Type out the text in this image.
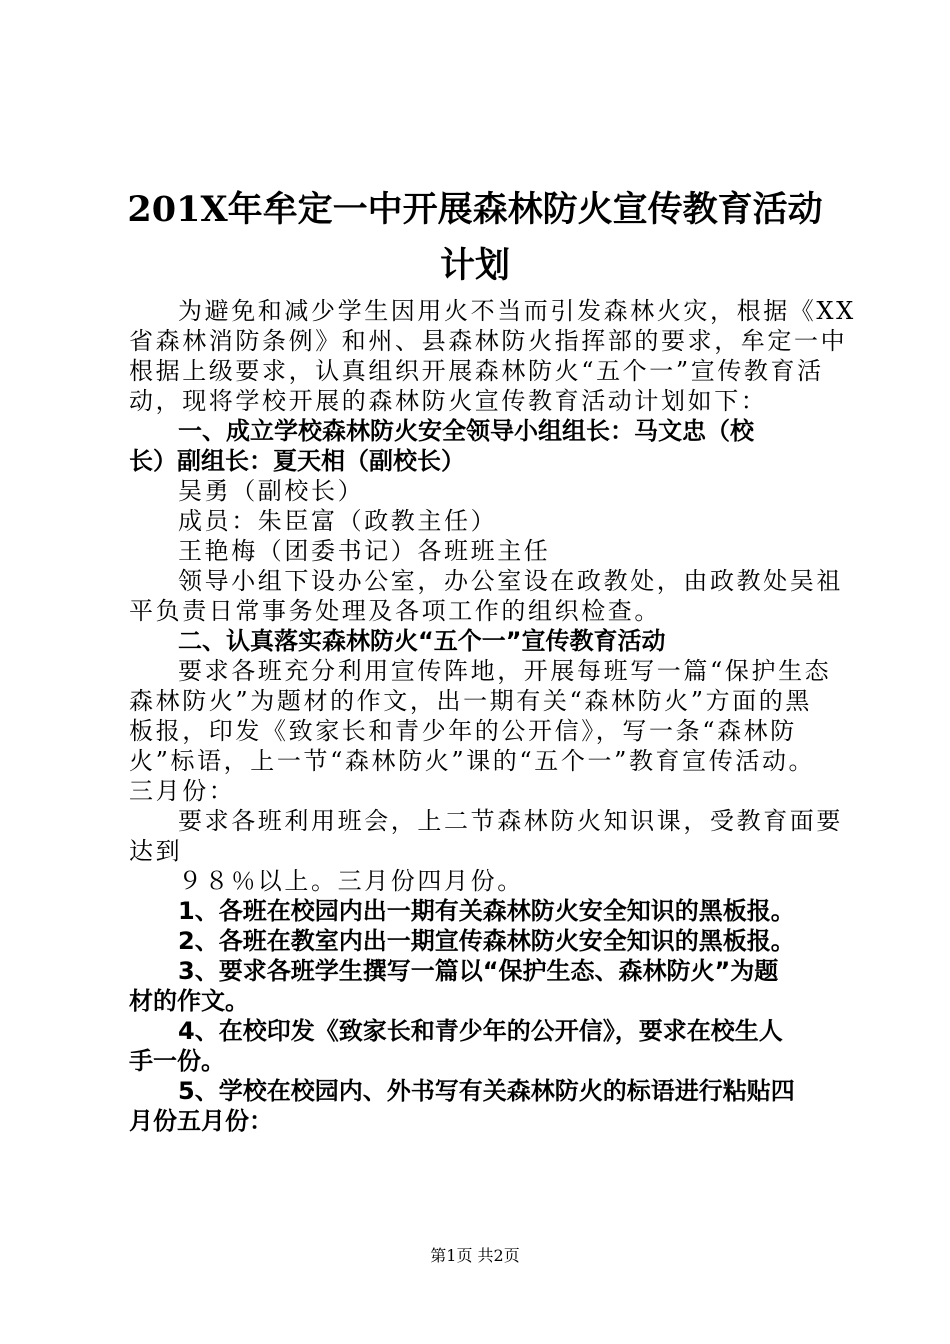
201X年牟定一中开展森林防火宣传教育活动
计划
为避免和减少学生因用火不当而引发森林火灾，根据《XX
省森林消防条例》和州、县森林防火指挥部的要求，牟定一中
根据上级要求，认真组织开展森林防火“五个一”宣传教育活
动，现将学校开展的森林防火宣传教育活动计划如下：
一、成立学校森林防火安全领导小组组长：马文忠（校
长）副组长：夏天相（副校长）
吴勇（副校长）
成员：朱臣富（政教主任）
王艳梅（团委书记）各班班主任
领导小组下设办公室，办公室设在政教处，由政教处吴祖
平负责日常事务处理及各项工作的组织检查。
二、认真落实森林防火“五个一”宣传教育活动
要求各班充分利用宣传阵地，开展每班写一篇“保护生态
森林防火”为题材的作文，出一期有关“森林防火”方面的黑
板报，印发《致家长和青少年的公开信》，写一条“森林防
火”标语，上一节“森林防火”课的“五个一”教育宣传活动。
三月份：
要求各班利用班会，上二节森林防火知识课，受教育面要
达到
９８％以上。三月份四月份。
1、各班在校园内出一期有关森林防火安全知识的黑板报。
2、各班在教室内出一期宣传森林防火安全知识的黑板报。
3、要求各班学生撰写一篇以“保护生态、森林防火”为题
材的作文。
4、在校印发《致家长和青少年的公开信》，要求在校生人
手一份。
5、学校在校园内、外书写有关森林防火的标语进行粘贴四
月份五月份：
第1页 共2页
